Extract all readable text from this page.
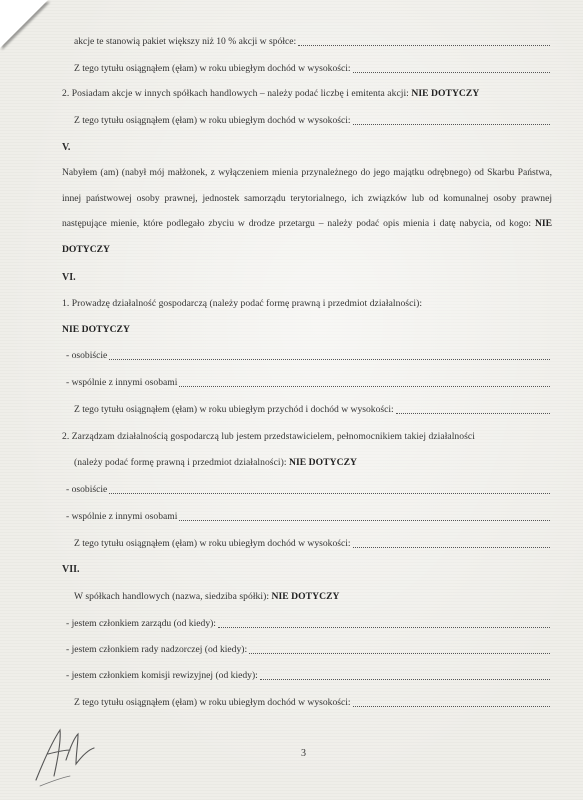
akcje te stanowią pakiet większy niż 10 % akcji w spółce:
Z tego tytułu osiągnąłem (ęłam) w roku ubiegłym dochód w wysokości:
2. Posiadam akcje w innych spółkach handlowych – należy podać liczbę i emitenta akcji: NIE DOTYCZY
Z tego tytułu osiągnąłem (ęłam) w roku ubiegłym dochód w wysokości:
V.
Nabyłem (am) (nabył mój małżonek, z wyłączeniem mienia przynależnego do jego majątku odrębnego) od Skarbu Państwa, innej państwowej osoby prawnej, jednostek samorządu terytorialnego, ich związków lub od komunalnej osoby prawnej następujące mienie, które podlegało zbyciu w drodze przetargu – należy podać opis mienia i datę nabycia, od kogo: NIE DOTYCZY
VI.
1. Prowadzę działalność gospodarczą (należy podać formę prawną i przedmiot działalności):
NIE DOTYCZY
- osobiście
- wspólnie z innymi osobami
Z tego tytułu osiągnąłem (ęłam) w roku ubiegłym przychód i dochód w wysokości:
2. Zarządzam działalnością gospodarczą lub jestem przedstawicielem, pełnomocnikiem takiej działalności
(należy podać formę prawną i przedmiot działalności): NIE DOTYCZY
- osobiście
- wspólnie z innymi osobami
Z tego tytułu osiągnąłem (ęłam) w roku ubiegłym dochód w wysokości:
VII.
W spółkach handlowych (nazwa, siedziba spółki): NIE DOTYCZY
- jestem członkiem zarządu (od kiedy):
- jestem członkiem rady nadzorczej (od kiedy):
- jestem członkiem komisji rewizyjnej (od kiedy):
Z tego tytułu osiągnąłem (ęłam) w roku ubiegłym dochód w wysokości:
3
